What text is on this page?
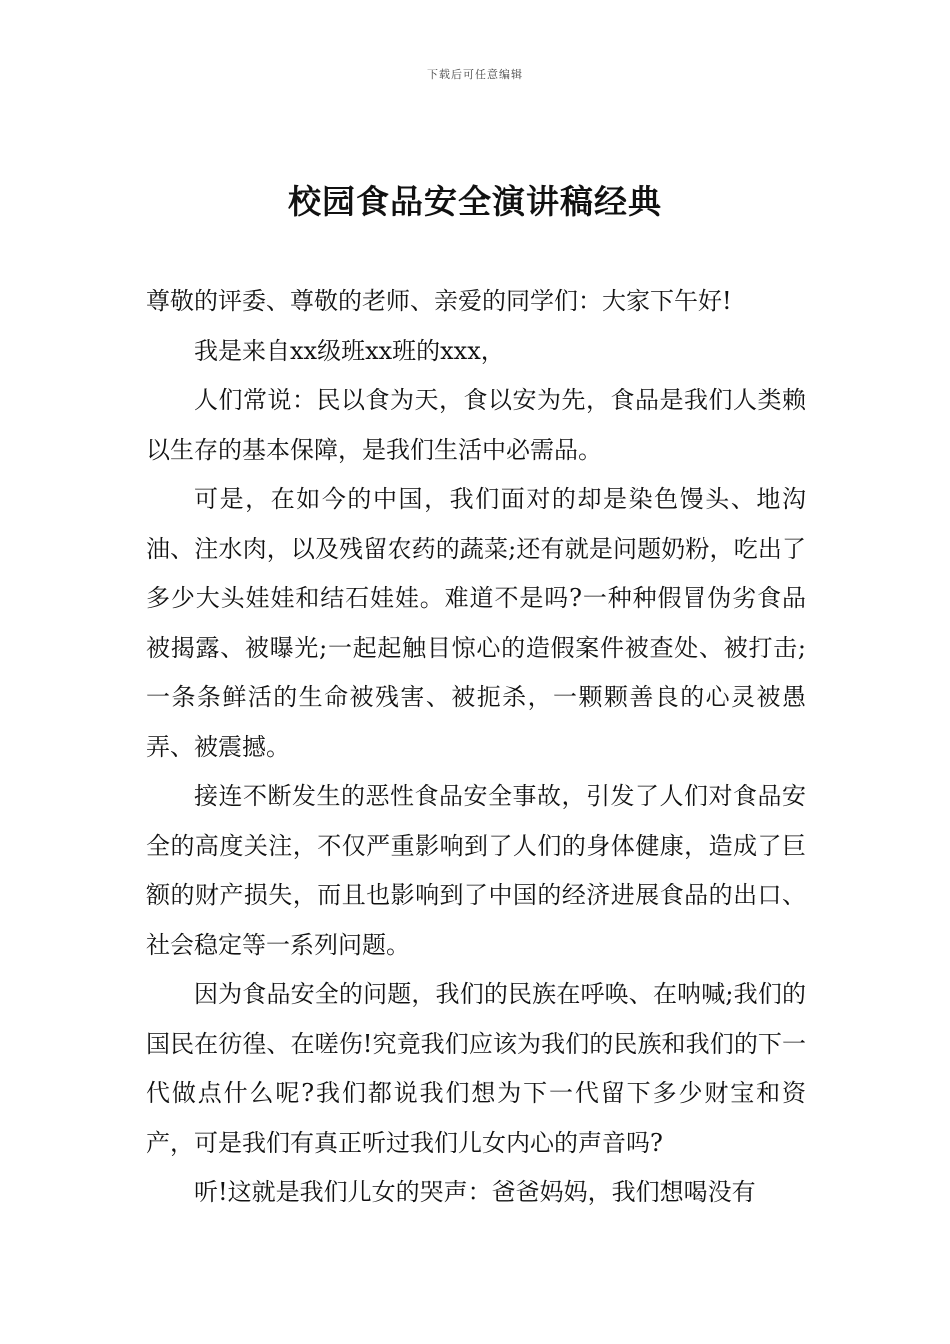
下载后可任意编辑
校园食品安全演讲稿经典

尊敬的评委、尊敬的老师、亲爱的同学们：大家下午好!

我是来自xx级班xx班的xxx，

人们常说：民以食为天，食以安为先，食品是我们人类赖以生存的基本保障，是我们生活中必需品。

可是，在如今的中国，我们面对的却是染色馒头、地沟油、注水肉，以及残留农药的蔬菜;还有就是问题奶粉，吃出了多少大头娃娃和结石娃娃。难道不是吗?一种种假冒伪劣食品被揭露、被曝光;一起起触目惊心的造假案件被查处、被打击;一条条鲜活的生命被残害、被扼杀，一颗颗善良的心灵被愚弄、被震撼。

接连不断发生的恶性食品安全事故，引发了人们对食品安全的高度关注，不仅严重影响到了人们的身体健康，造成了巨额的财产损失，而且也影响到了中国的经济进展食品的出口、社会稳定等一系列问题。

因为食品安全的问题，我们的民族在呼唤、在呐喊;我们的国民在彷徨、在嗟伤!究竟我们应该为我们的民族和我们的下一代做点什么呢?我们都说我们想为下一代留下多少财宝和资产，可是我们有真正听过我们儿女内心的声音吗?

听!这就是我们儿女的哭声：爸爸妈妈，我们想喝没有
